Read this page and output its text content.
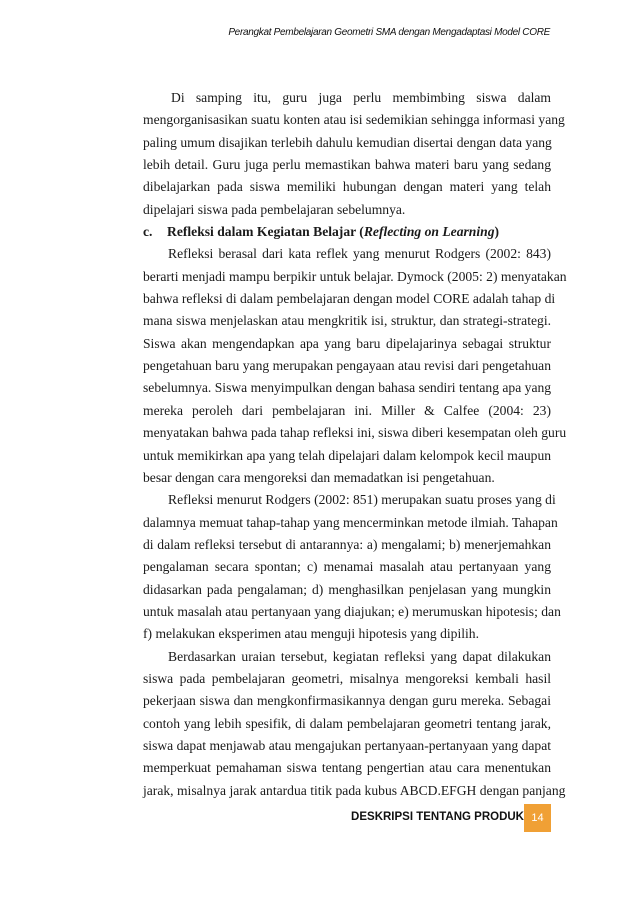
Perangkat Pembelajaran Geometri SMA dengan Mengadaptasi Model CORE
Di samping itu, guru juga perlu membimbing siswa dalam
mengorganisasikan suatu konten atau isi sedemikian sehingga informasi yang
paling umum disajikan terlebih dahulu kemudian disertai dengan data yang
lebih detail. Guru juga perlu memastikan bahwa materi baru yang sedang
dibelajarkan pada siswa memiliki hubungan dengan materi yang telah
dipelajari siswa pada pembelajaran sebelumnya.
c. Refleksi dalam Kegiatan Belajar (Reflecting on Learning)
Refleksi berasal dari kata reflek yang menurut Rodgers (2002: 843)
berarti menjadi mampu berpikir untuk belajar. Dymock (2005: 2) menyatakan
bahwa refleksi di dalam pembelajaran dengan model CORE adalah tahap di
mana siswa menjelaskan atau mengkritik isi, struktur, dan strategi-strategi.
Siswa akan mengendapkan apa yang baru dipelajarinya sebagai struktur
pengetahuan baru yang merupakan pengayaan atau revisi dari pengetahuan
sebelumnya. Siswa menyimpulkan dengan bahasa sendiri tentang apa yang
mereka peroleh dari pembelajaran ini. Miller & Calfee (2004: 23)
menyatakan bahwa pada tahap refleksi ini, siswa diberi kesempatan oleh guru
untuk memikirkan apa yang telah dipelajari dalam kelompok kecil maupun
besar dengan cara mengoreksi dan memadatkan isi pengetahuan.
Refleksi menurut Rodgers (2002: 851) merupakan suatu proses yang di
dalamnya memuat tahap-tahap yang mencerminkan metode ilmiah. Tahapan
di dalam refleksi tersebut di antarannya: a) mengalami; b) menerjemahkan
pengalaman secara spontan; c) menamai masalah atau pertanyaan yang
didasarkan pada pengalaman; d) menghasilkan penjelasan yang mungkin
untuk masalah atau pertanyaan yang diajukan; e) merumuskan hipotesis; dan
f) melakukan eksperimen atau menguji hipotesis yang dipilih.
Berdasarkan uraian tersebut, kegiatan refleksi yang dapat dilakukan
siswa pada pembelajaran geometri, misalnya mengoreksi kembali hasil
pekerjaan siswa dan mengkonfirmasikannya dengan guru mereka. Sebagai
contoh yang lebih spesifik, di dalam pembelajaran geometri tentang jarak,
siswa dapat menjawab atau mengajukan pertanyaan-pertanyaan yang dapat
memperkuat pemahaman siswa tentang pengertian atau cara menentukan
jarak, misalnya jarak antardua titik pada kubus ABCD.EFGH dengan panjang
DESKRIPSI TENTANG PRODUK 14
